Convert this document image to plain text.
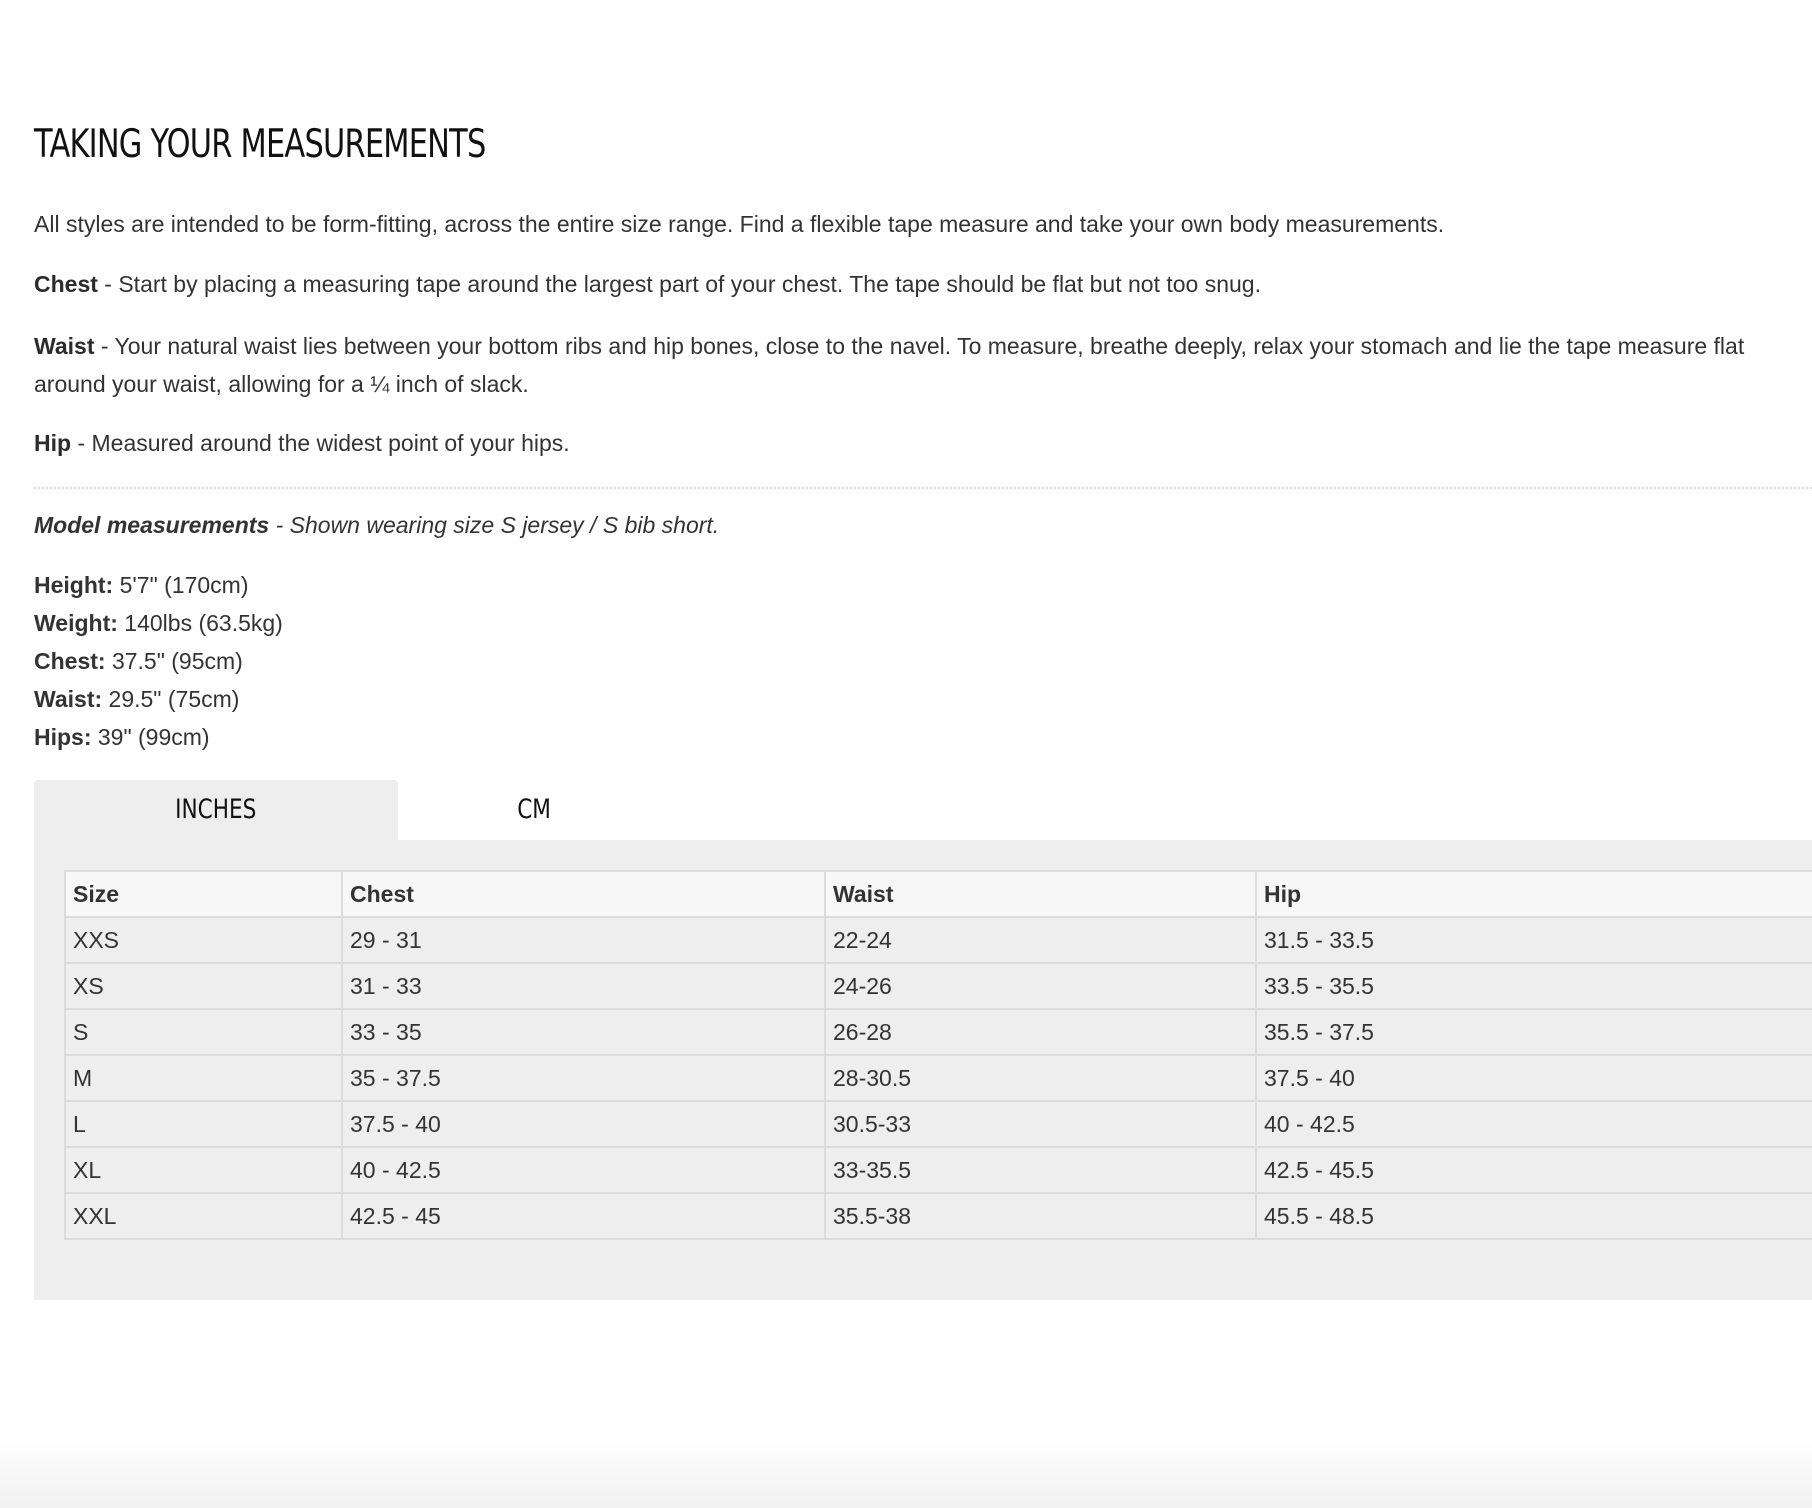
TAKING YOUR MEASUREMENTS

All styles are intended to be form-fitting, across the entire size range. Find a flexible tape measure and take your own body measurements.

Chest - Start by placing a measuring tape around the largest part of your chest. The tape should be flat but not too snug.

Waist - Your natural waist lies between your bottom ribs and hip bones, close to the navel. To measure, breathe deeply, relax your stomach and lie the tape measure flat
around your waist, allowing for a ¼ inch of slack.

Hip - Measured around the widest point of your hips.

Model measurements - Shown wearing size S jersey / S bib short.

Height: 5'7" (170cm)
Weight: 140lbs (63.5kg)
Chest: 37.5" (95cm)
Waist: 29.5" (75cm)
Hips: 39" (99cm)
INCHES	CM
Size	Chest	Waist	Hip
XXS	29 - 31	22-24	31.5 - 33.5
XS	31 - 33	24-26	33.5 - 35.5
S	33 - 35	26-28	35.5 - 37.5
M	35 - 37.5	28-30.5	37.5 - 40
L	37.5 - 40	30.5-33	40 - 42.5
XL	40 - 42.5	33-35.5	42.5 - 45.5
XXL	42.5 - 45	35.5-38	45.5 - 48.5
